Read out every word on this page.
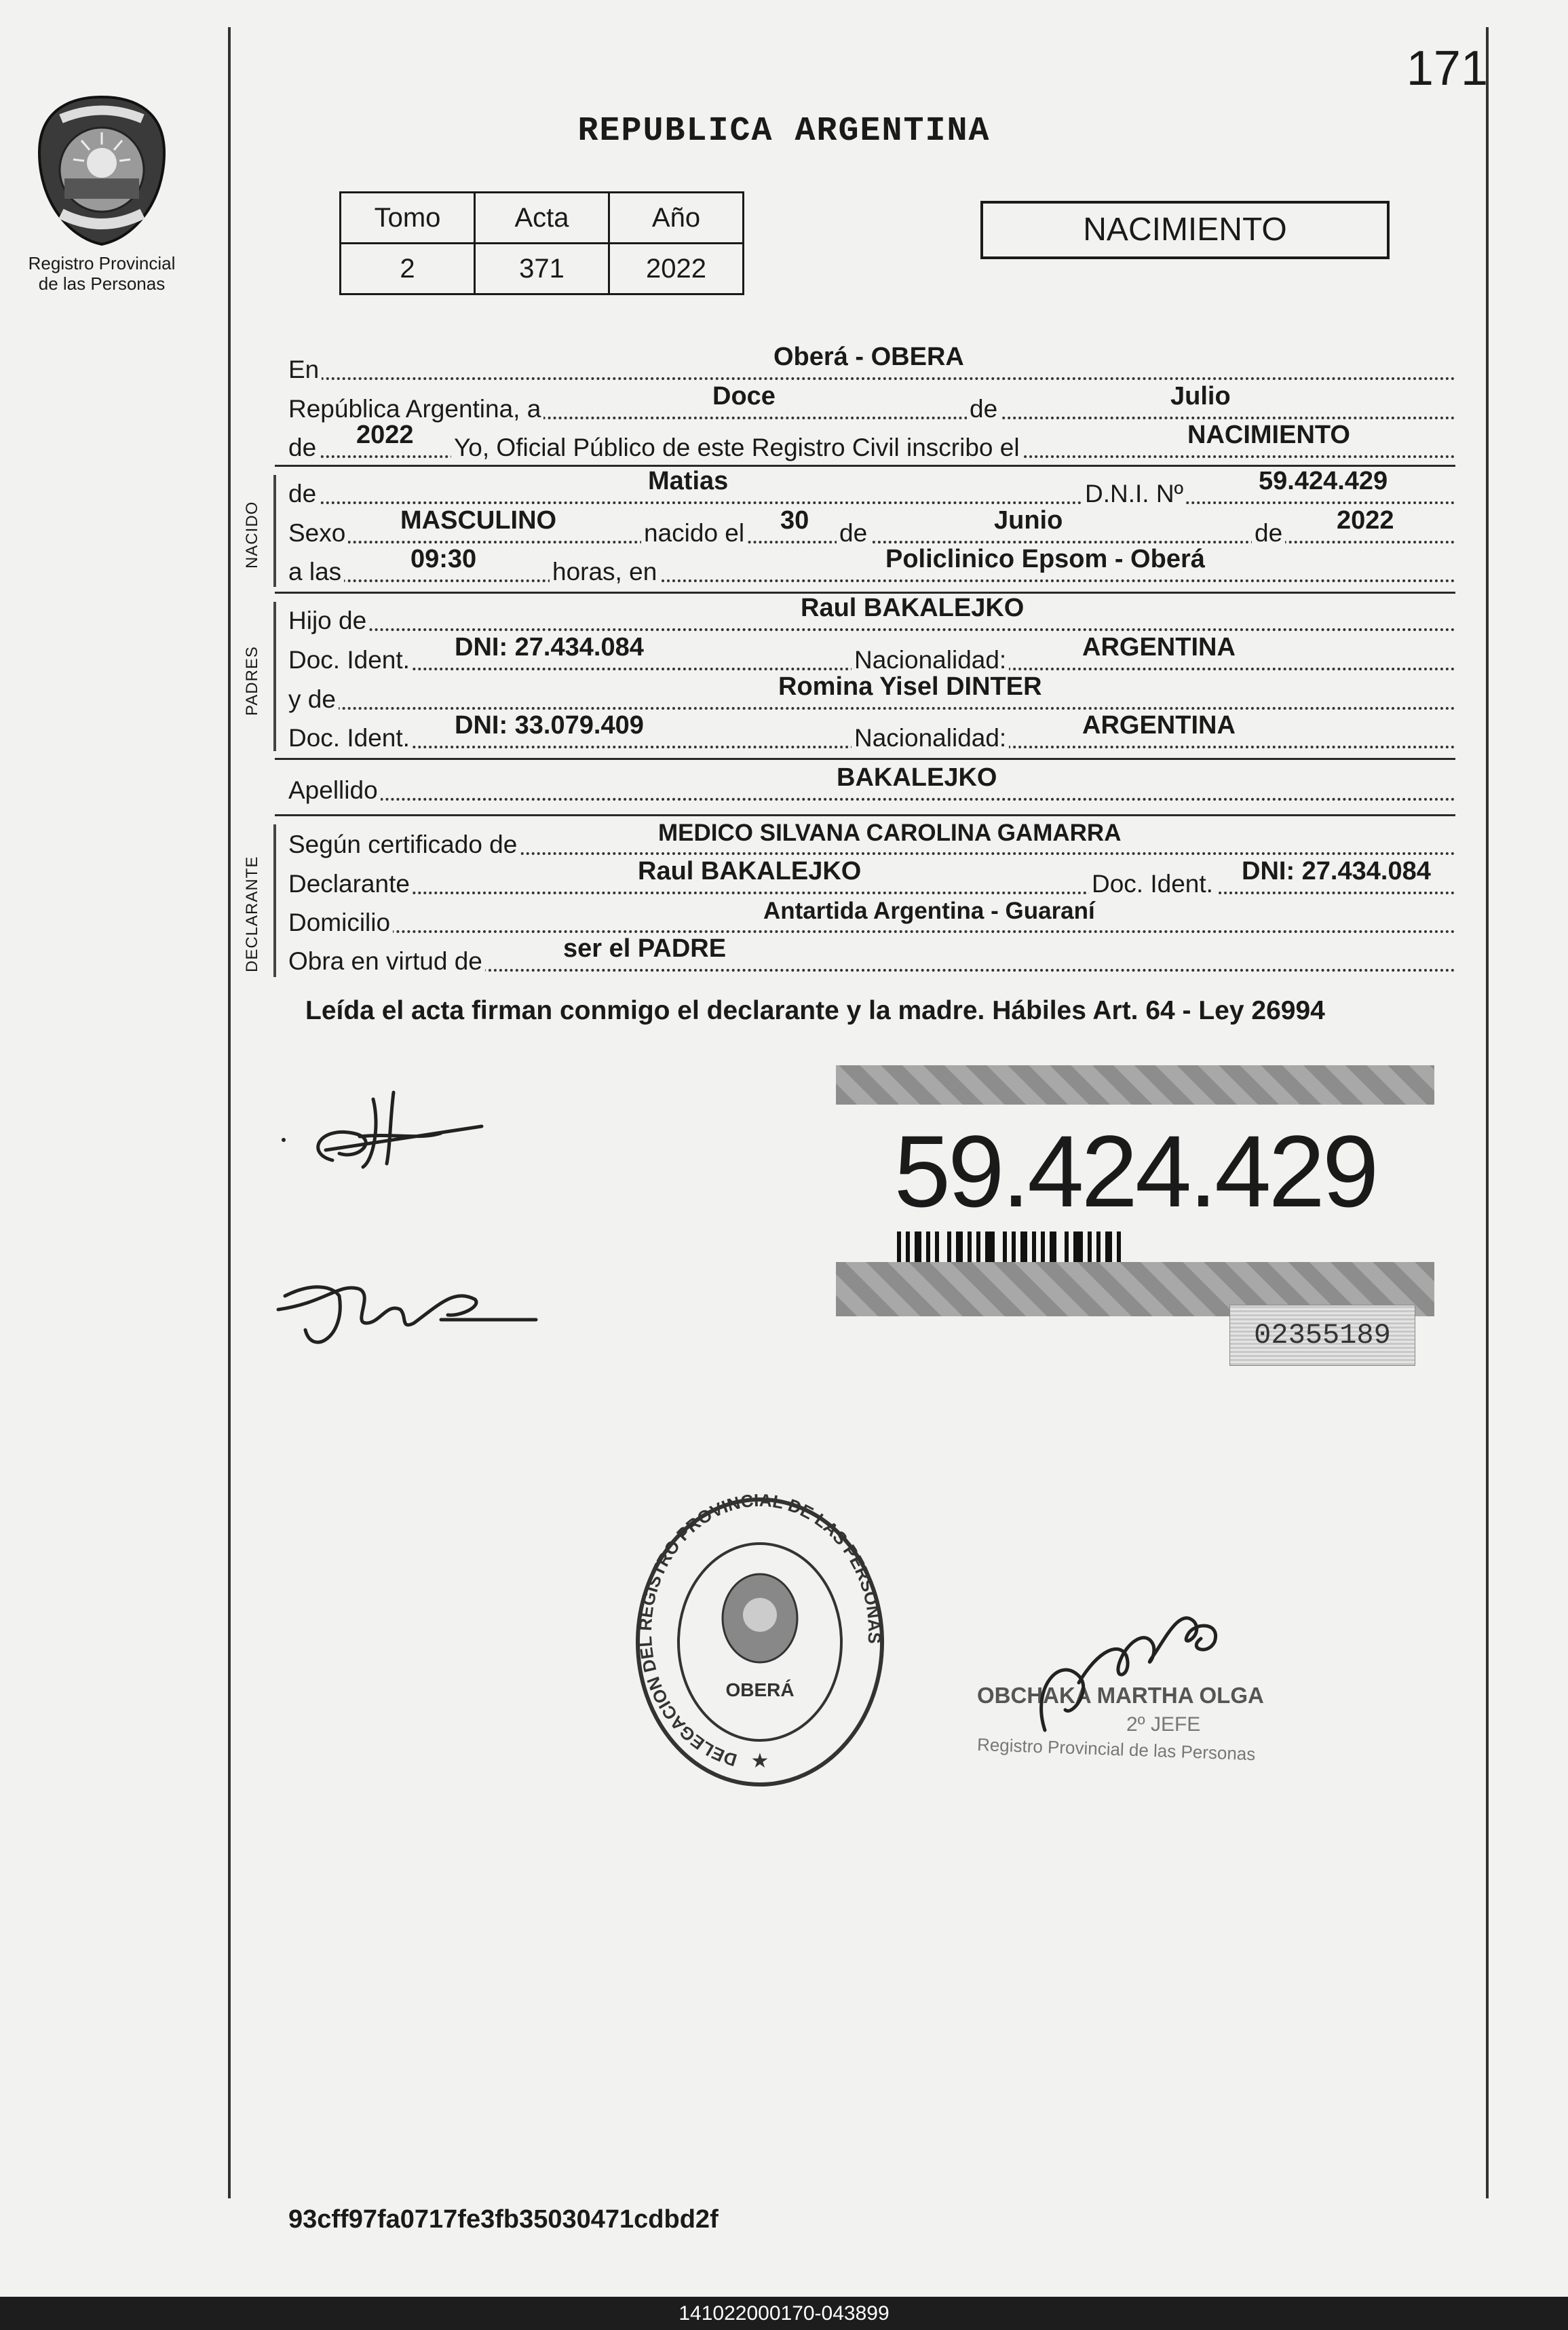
171
Registro Provincial
de las Personas
REPUBLICA ARGENTINA
Tomo	Acta	Año
2	371	2022
NACIMIENTO
En	Oberá - OBERA
República Argentina, a	Doce	de	Julio
de 2022 Yo, Oficial Público de este Registro Civil inscribo el	NACIMIENTO
NACIDO
de	Matias	D.N.I. Nº	59.424.429
Sexo MASCULINO	nacido el 30 de	Junio	de 2022
a las	09:30	horas, en	Policlinico Epsom - Oberá
PADRES
Hijo de	Raul BAKALEJKO
Doc. Ident. DNI: 27.434.084	Nacionalidad:	ARGENTINA
y de	Romina Yisel DINTER
Doc. Ident. DNI: 33.079.409	Nacionalidad:	ARGENTINA
Apellido	BAKALEJKO
DECLARANTE
Según certificado de	MEDICO SILVANA CAROLINA GAMARRA
Declarante	Raul BAKALEJKO	Doc. Ident. DNI: 27.434.084
Domicilio	Antartida Argentina - Guaraní
Obra en virtud de	ser el PADRE
Leída el acta firman conmigo el declarante y la madre. Hábiles Art. 64 - Ley 26994
59.424.429
02355189
DELEGACION DEL REGISTRO PROVINCIAL DE LAS PERSONAS
OBERÁ
★
OBCHAKA MARTHA OLGA
2º JEFE
Registro Provincial de las Personas
93cff97fa0717fe3fb35030471cdbd2f
141022000170-043899
